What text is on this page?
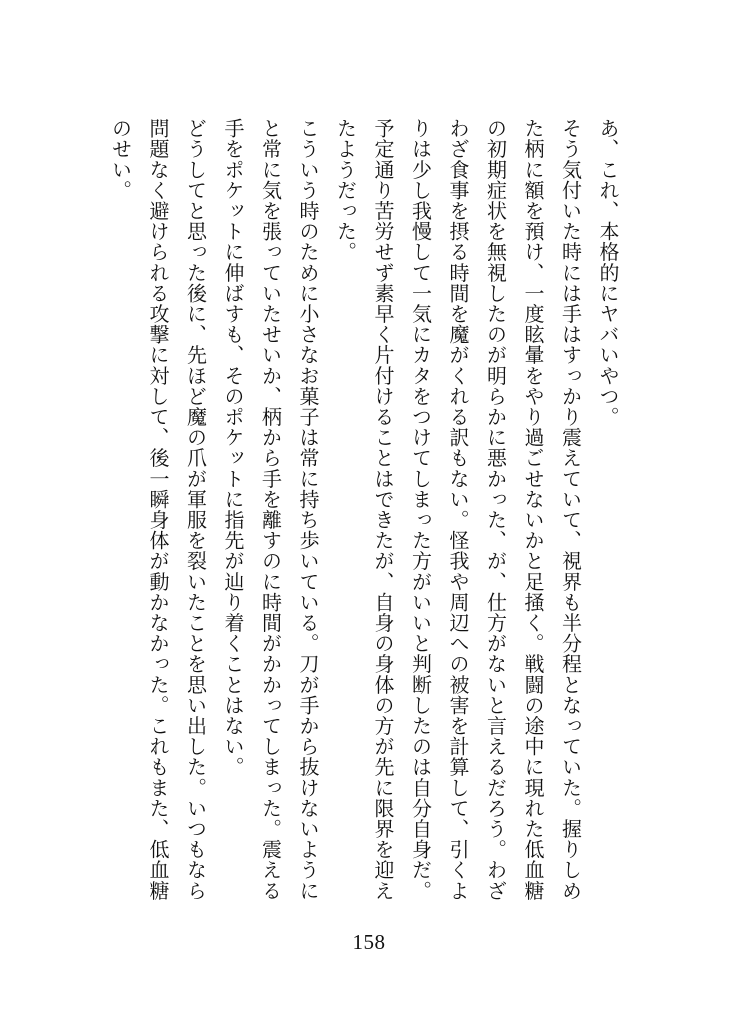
あ、これ、本格的にヤバいやつ。

そう気付いた時には手はすっかり震えていて、視界も半分程となっていた。握りしめた柄に額を預け、一度眩暈をやり過ごせないかと足掻く。戦闘の途中に現れた低血糖の初期症状を無視したのが明らかに悪かった、が、仕方がないと言えるだろう。わざわざ食事を摂る時間を魔がくれる訳もない。怪我や周辺への被害を計算して、引くよりは少し我慢して一気にカタをつけてしまった方がいいと判断したのは自分自身だ。予定通り苦労せず素早く片付けることはできたが、自身の身体の方が先に限界を迎えたようだった。

こういう時のために小さなお菓子は常に持ち歩いている。刀が手から抜けないようにと常に気を張っていたせいか、柄から手を離すのに時間がかかってしまった。震える手をポケットに伸ばすも、そのポケットに指先が辿り着くことはない。

どうしてと思った後に、先ほど魔の爪が軍服を裂いたことを思い出した。いつもなら問題なく避けられる攻撃に対して、後一瞬身体が動かなかった。これもまた、低血糖のせい。

158
